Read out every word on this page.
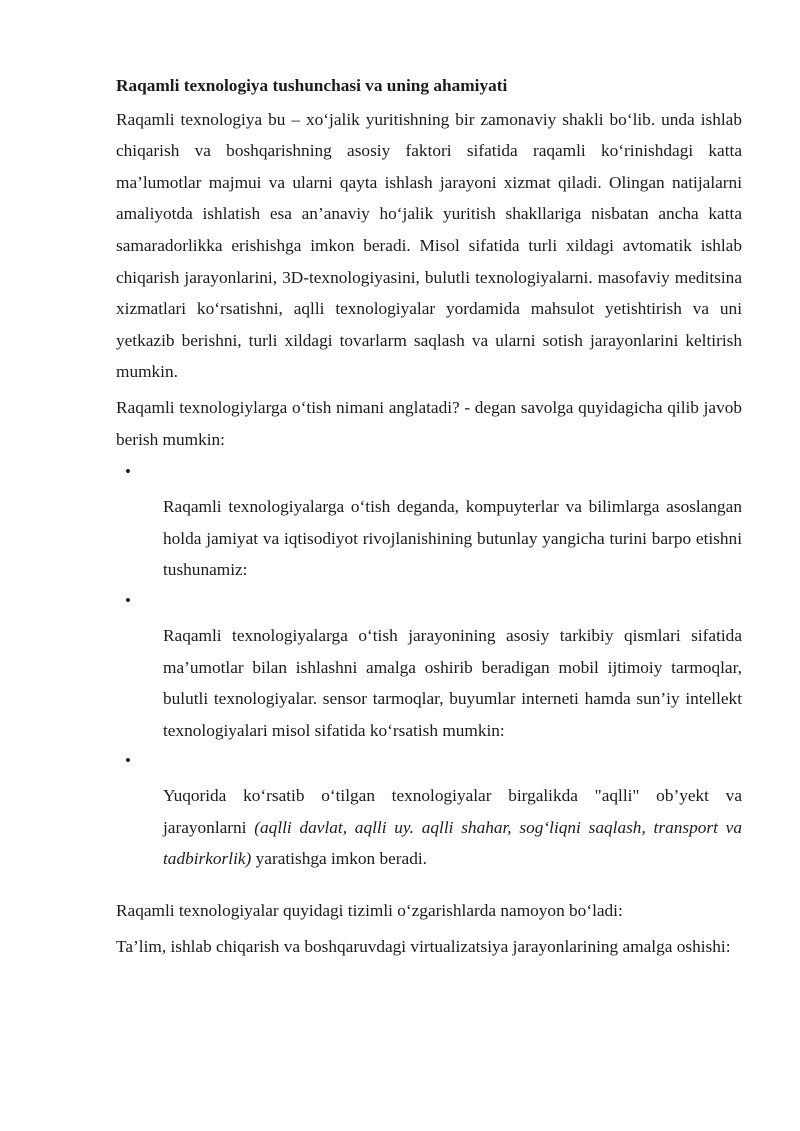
Raqamli texnologiya tushunchasi va uning ahamiyati
Raqamli texnologiya bu – xo‘jalik yuritishning bir zamonaviy shakli bo‘lib. unda ishlab chiqarish va boshqarishning asosiy faktori sifatida raqamli ko‘rinishdagi katta ma’lumotlar majmui va ularni qayta ishlash jarayoni xizmat qiladi. Olingan natijalarni amaliyotda ishlatish esa an’anaviy ho‘jalik yuritish shakllariga nisbatan ancha katta samaradorlikka erishishga imkon beradi. Misol sifatida turli xildagi avtomatik ishlab chiqarish jarayonlarini, 3D-texnologiyasini, bulutli texnologiyalarni. masofaviy meditsina xizmatlari ko‘rsatishni, aqlli texnologiyalar yordamida mahsulot yetishtirish va uni yetkazib berishni, turli xildagi tovarlarm saqlash va ularni sotish jarayonlarini keltirish mumkin.
Raqamli texnologiylarga o‘tish nimani anglatadi? - degan savolga quyidagicha qilib javob berish mumkin:
•
Raqamli texnologiyalarga o‘tish deganda, kompuyterlar va bilimlarga asoslangan holda jamiyat va iqtisodiyot rivojlanishining butunlay yangicha turini barpo etishni tushunamiz:
•
Raqamli texnologiyalarga o‘tish jarayonining asosiy tarkibiy qismlari sifatida ma’umotlar bilan ishlashni amalga oshirib beradigan mobil ijtimoiy tarmoqlar, bulutli texnologiyalar. sensor tarmoqlar, buyumlar interneti hamda sun’iy intellekt texnologiyalari misol sifatida ko‘rsatish mumkin:
•
Yuqorida ko‘rsatib o‘tilgan texnologiyalar birgalikda "aqlli" ob’yekt va jarayonlarni (aqlli davlat, aqlli uy. aqlli shahar, sog‘liqni saqlash, transport va tadbirkorlik) yaratishga imkon beradi.
Raqamli texnologiyalar quyidagi tizimli o‘zgarishlarda namoyon bo‘ladi:
Ta’lim, ishlab chiqarish va boshqaruvdagi virtualizatsiya jarayonlarining amalga oshishi:
